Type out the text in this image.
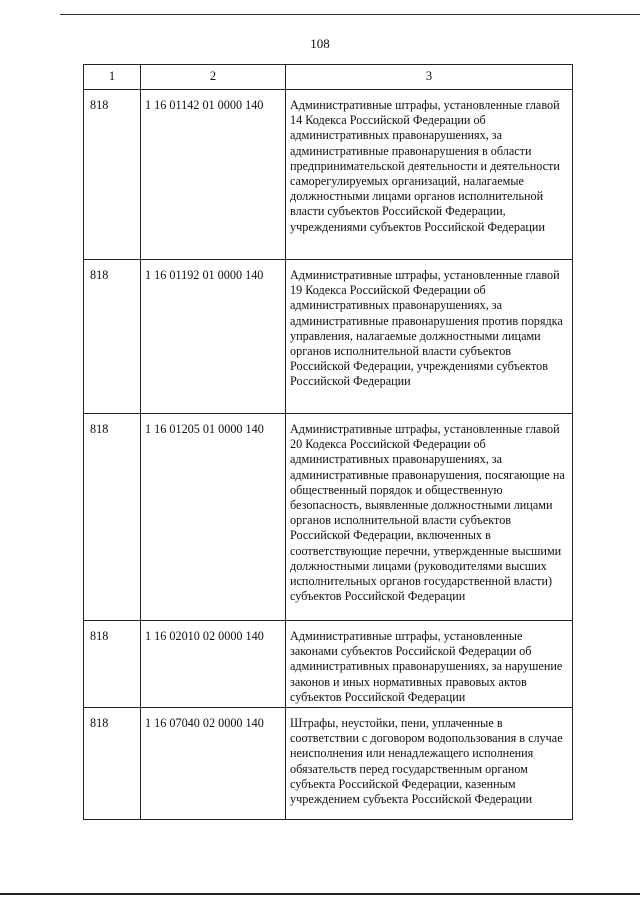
108
1	2	3
818	1 16 01142 01 0000 140	Административные штрафы, установленные главой 14 Кодекса Российской Федерации об административных правонарушениях, за административные правонарушения в области предпринимательской деятельности и деятельности саморегулируемых организаций, налагаемые должностными лицами органов исполнительной власти субъектов Российской Федерации, учреждениями субъектов Российской Федерации
818	1 16 01192 01 0000 140	Административные штрафы, установленные главой 19 Кодекса Российской Федерации об административных правонарушениях, за административные правонарушения против порядка управления, налагаемые должностными лицами органов исполнительной власти субъектов Российской Федерации, учреждениями субъектов Российской Федерации
818	1 16 01205 01 0000 140	Административные штрафы, установленные главой 20 Кодекса Российской Федерации об административных правонарушениях, за административные правонарушения, посягающие на общественный порядок и общественную безопасность, выявленные должностными лицами органов исполнительной власти субъектов Российской Федерации, включенных в соответствующие перечни, утвержденные высшими должностными лицами (руководителями высших исполнительных органов государственной власти) субъектов Российской Федерации
818	1 16 02010 02 0000 140	Административные штрафы, установленные законами субъектов Российской Федерации об административных правонарушениях, за нарушение законов и иных нормативных правовых актов субъектов Российской Федерации
818	1 16 07040 02 0000 140	Штрафы, неустойки, пени, уплаченные в соответствии с договором водопользования в случае неисполнения или ненадлежащего исполнения обязательств перед государственным органом субъекта Российской Федерации, казенным учреждением субъекта Российской Федерации
